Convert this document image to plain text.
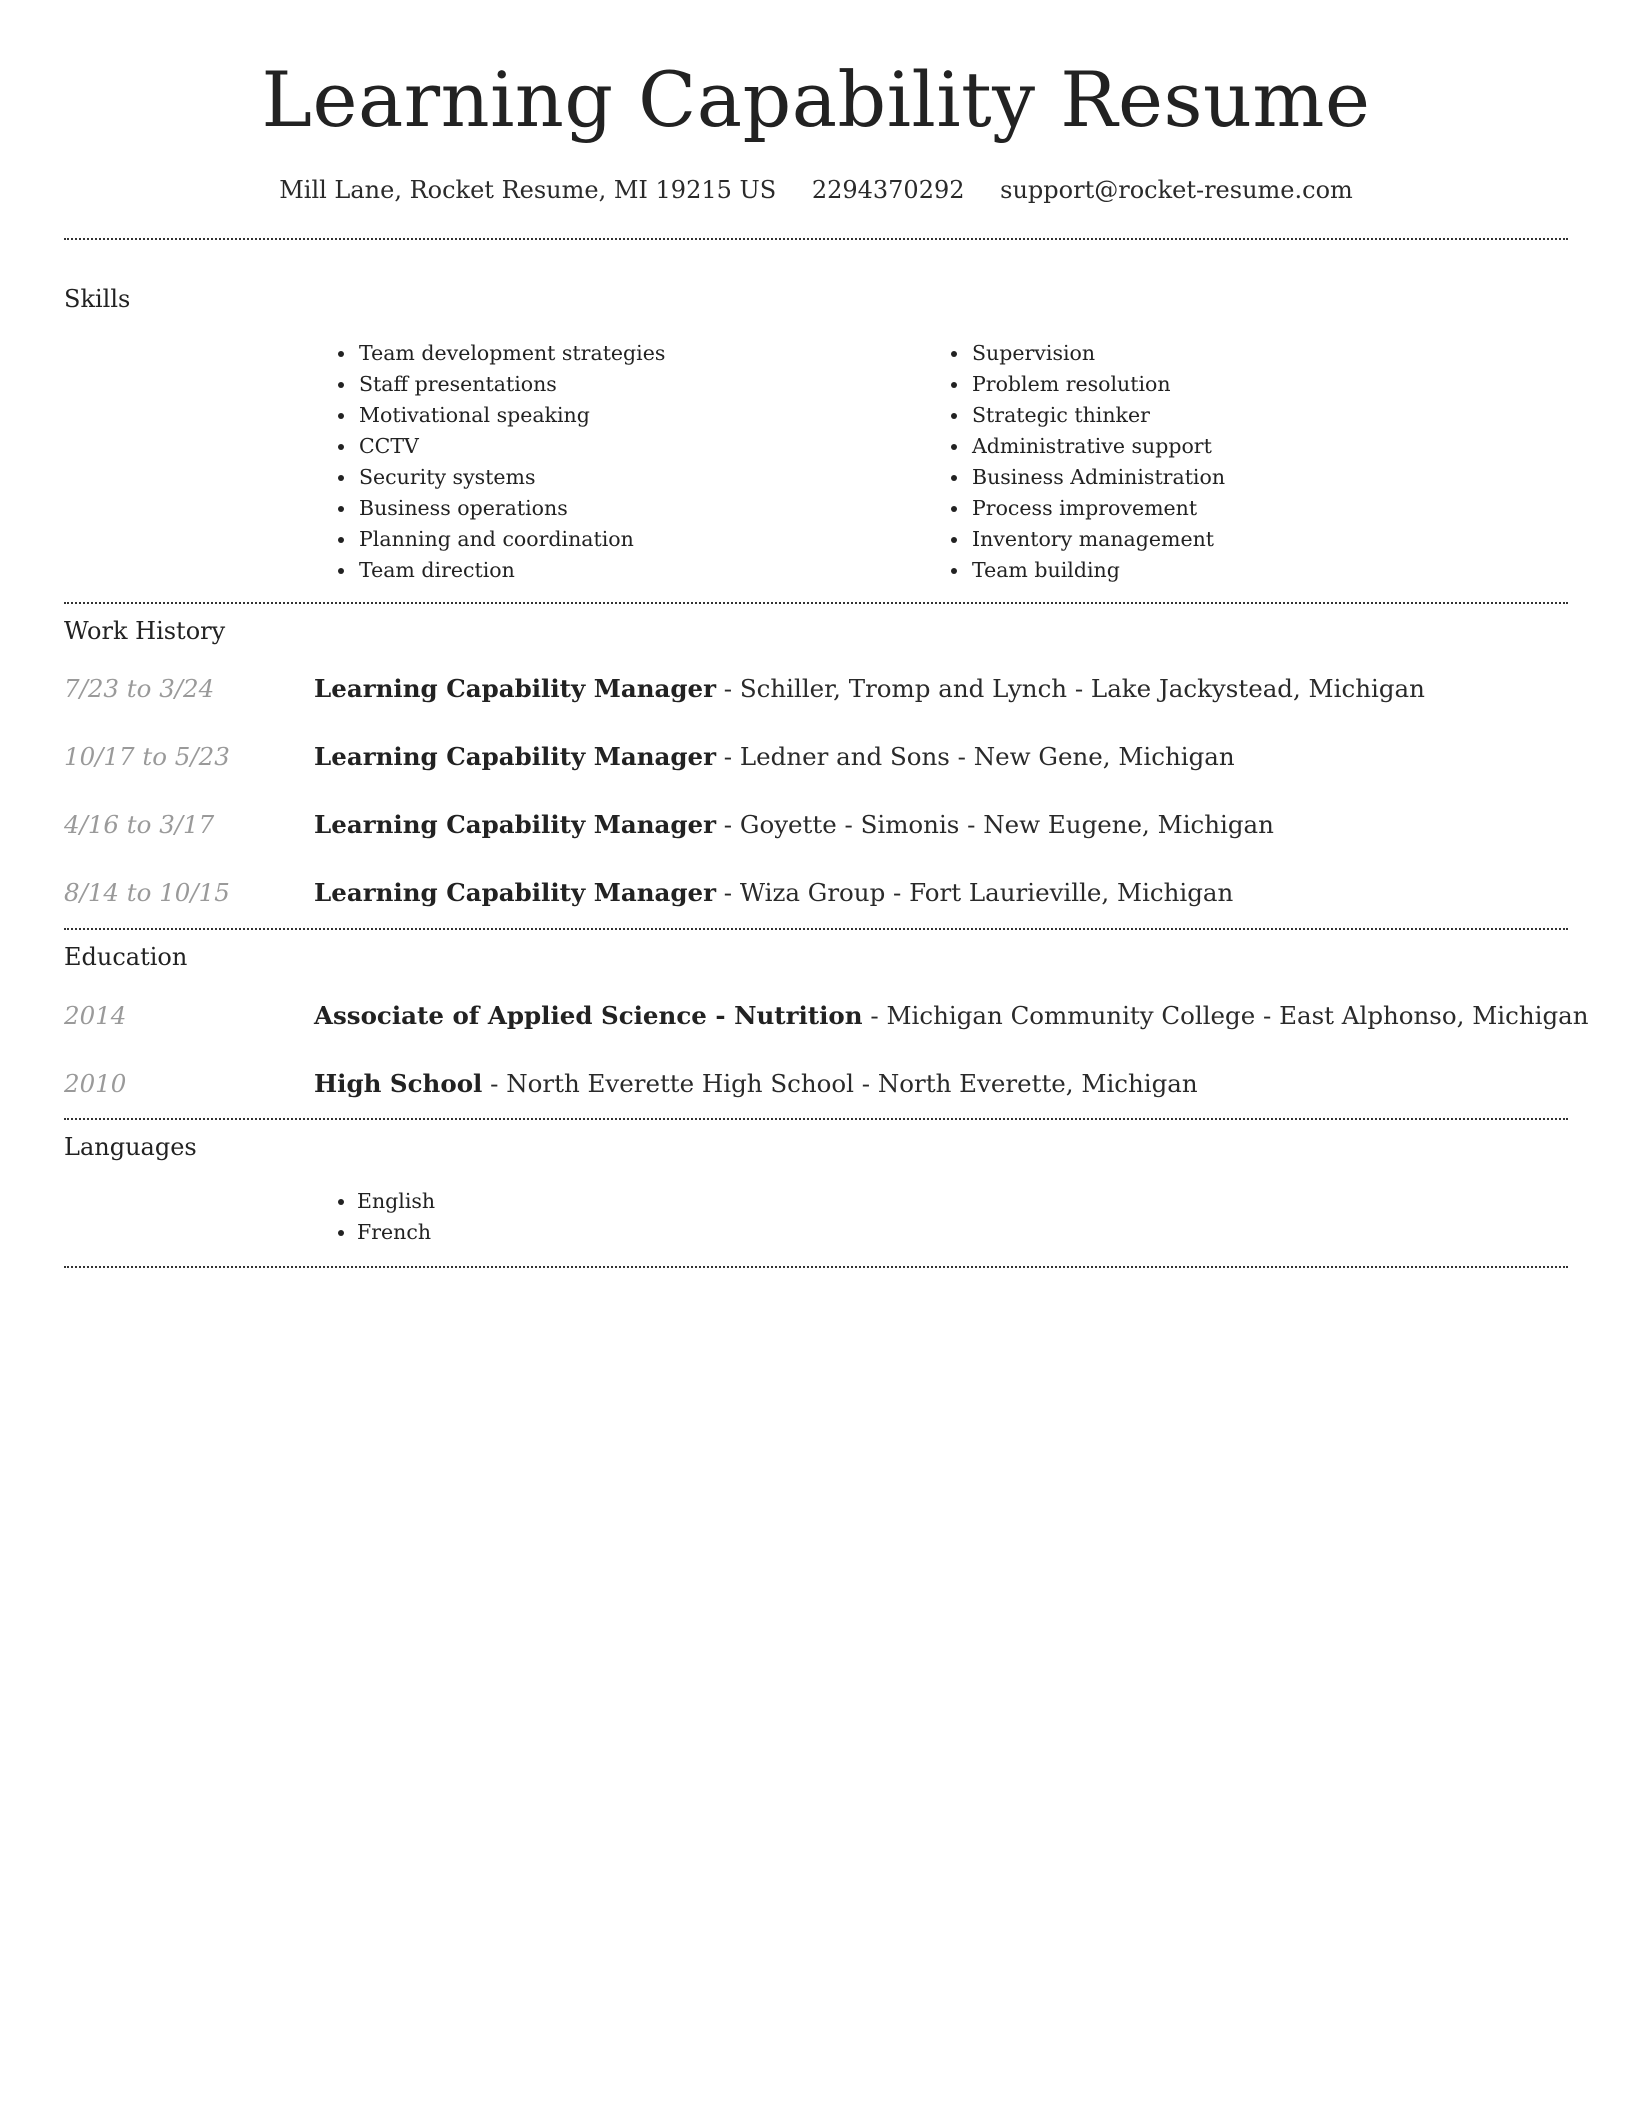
Learning Capability Resume
Mill Lane, Rocket Resume, MI 19215 US 2294370292 support@rocket-resume.com
Skills
• Team development strategies
• Staff presentations
• Motivational speaking
• CCTV
• Security systems
• Business operations
• Planning and coordination
• Team direction
• Supervision
• Problem resolution
• Strategic thinker
• Administrative support
• Business Administration
• Process improvement
• Inventory management
• Team building
Work History
7/23 to 3/24	Learning Capability Manager - Schiller, Tromp and Lynch - Lake Jackystead, Michigan
10/17 to 5/23	Learning Capability Manager - Ledner and Sons - New Gene, Michigan
4/16 to 3/17	Learning Capability Manager - Goyette - Simonis - New Eugene, Michigan
8/14 to 10/15	Learning Capability Manager - Wiza Group - Fort Laurieville, Michigan
Education
2014	Associate of Applied Science - Nutrition - Michigan Community College - East Alphonso, Michigan
2010	High School - North Everette High School - North Everette, Michigan
Languages
• English
• French
